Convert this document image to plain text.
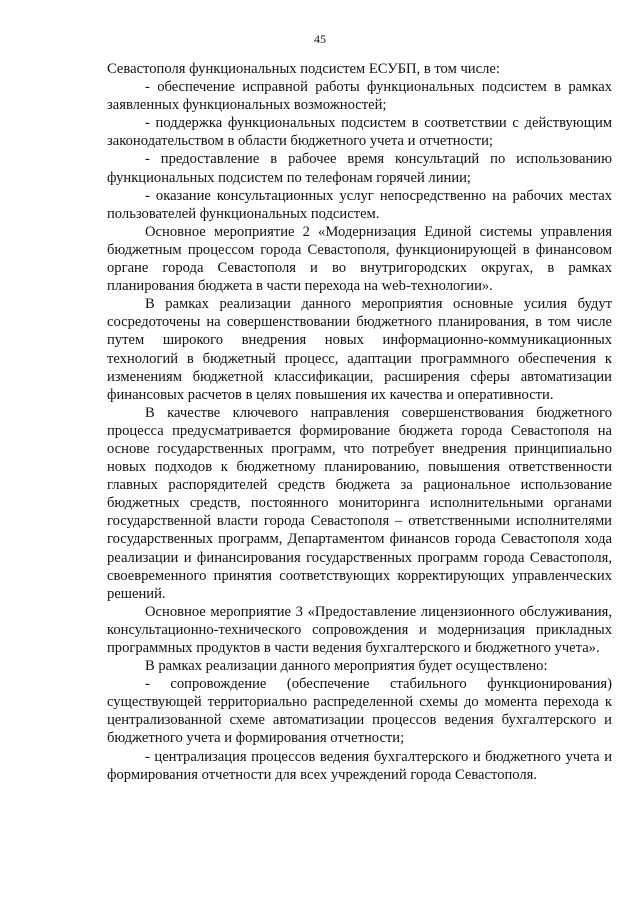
45

Севастополя функциональных подсистем ЕСУБП, в том числе:

- обеспечение исправной работы функциональных подсистем в рамках заявленных функциональных возможностей;

- поддержка функциональных подсистем в соответствии с действующим законодательством в области бюджетного учета и отчетности;

- предоставление в рабочее время консультаций по использованию функциональных подсистем по телефонам горячей линии;

- оказание консультационных услуг непосредственно на рабочих местах пользователей функциональных подсистем.

Основное мероприятие 2 «Модернизация Единой системы управления бюджетным процессом города Севастополя, функционирующей в финансовом органе города Севастополя и во внутригородских округах, в рамках планирования бюджета в части перехода на web-технологии».

В рамках реализации данного мероприятия основные усилия будут сосредоточены на совершенствовании бюджетного планирования, в том числе путем широкого внедрения новых информационно-коммуникационных технологий в бюджетный процесс, адаптации программного обеспечения к изменениям бюджетной классификации, расширения сферы автоматизации финансовых расчетов в целях повышения их качества и оперативности.

В качестве ключевого направления совершенствования бюджетного процесса предусматривается формирование бюджета города Севастополя на основе государственных программ, что потребует внедрения принципиально новых подходов к бюджетному планированию, повышения ответственности главных распорядителей средств бюджета за рациональное использование бюджетных средств, постоянного мониторинга исполнительными органами государственной власти города Севастополя – ответственными исполнителями государственных программ, Департаментом финансов города Севастополя хода реализации и финансирования государственных программ города Севастополя, своевременного принятия соответствующих корректирующих управленческих решений.

Основное мероприятие 3 «Предоставление лицензионного обслуживания, консультационно-технического сопровождения и модернизация прикладных программных продуктов в части ведения бухгалтерского и бюджетного учета».

В рамках реализации данного мероприятия будет осуществлено:

- сопровождение (обеспечение стабильного функционирования) существующей территориально распределенной схемы до момента перехода к централизованной схеме автоматизации процессов ведения бухгалтерского и бюджетного учета и формирования отчетности;

- централизация процессов ведения бухгалтерского и бюджетного учета и формирования отчетности для всех учреждений города Севастополя.
